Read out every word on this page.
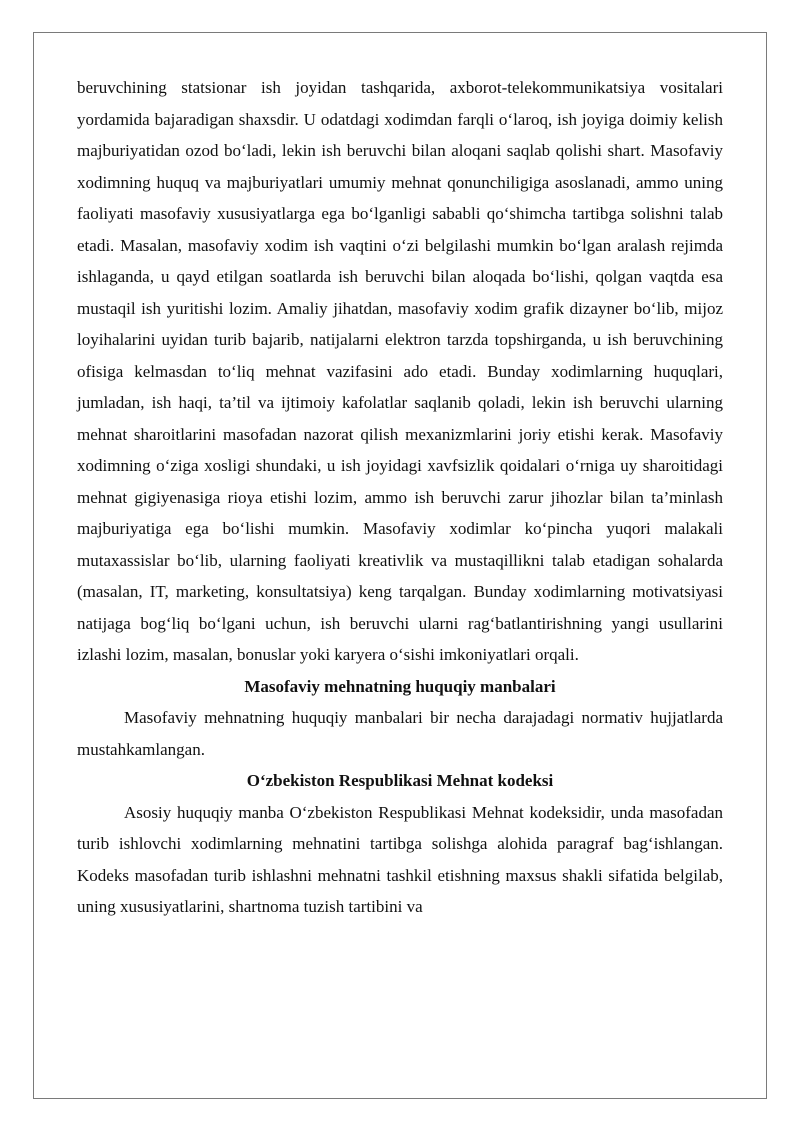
beruvchining statsionar ish joyidan tashqarida, axborot-telekommunikatsiya vositalari yordamida bajaradigan shaxsdir. U odatdagi xodimdan farqli o‘laroq, ish joyiga doimiy kelish majburiyatidan ozod bo‘ladi, lekin ish beruvchi bilan aloqani saqlab qolishi shart. Masofaviy xodimning huquq va majburiyatlari umumiy mehnat qonunchiligiga asoslanadi, ammo uning faoliyati masofaviy xususiyatlarga ega bo‘lganligi sababli qo‘shimcha tartibga solishni talab etadi. Masalan, masofaviy xodim ish vaqtini o‘zi belgilashi mumkin bo‘lgan aralash rejimda ishlaganda, u qayd etilgan soatlarda ish beruvchi bilan aloqada bo‘lishi, qolgan vaqtda esa mustaqil ish yuritishi lozim. Amaliy jihatdan, masofaviy xodim grafik dizayner bo‘lib, mijoz loyihalarini uyidan turib bajarib, natijalarni elektron tarzda topshirganda, u ish beruvchining ofisiga kelmasdan to‘liq mehnat vazifasini ado etadi. Bunday xodimlarning huquqlari, jumladan, ish haqi, ta’til va ijtimoiy kafolatlar saqlanib qoladi, lekin ish beruvchi ularning mehnat sharoitlarini masofadan nazorat qilish mexanizmlarini joriy etishi kerak. Masofaviy xodimning o‘ziga xosligi shundaki, u ish joyidagi xavfsizlik qoidalari o‘rniga uy sharoitidagi mehnat gigiyenasiga rioya etishi lozim, ammo ish beruvchi zarur jihozlar bilan ta’minlash majburiyatiga ega bo‘lishi mumkin. Masofaviy xodimlar ko‘pincha yuqori malakali mutaxassislar bo‘lib, ularning faoliyati kreativlik va mustaqillikni talab etadigan sohalarda (masalan, IT, marketing, konsultatsiya) keng tarqalgan. Bunday xodimlarning motivatsiyasi natijaga bog‘liq bo‘lgani uchun, ish beruvchi ularni rag‘batlantirishning yangi usullarini izlashi lozim, masalan, bonuslar yoki karyera o‘sishi imkoniyatlari orqali.

Masofaviy mehnatning huquqiy manbalari

Masofaviy mehnatning huquqiy manbalari bir necha darajadagi normativ hujjatlarda mustahkamlangan.

O‘zbekiston Respublikasi Mehnat kodeksi

Asosiy huquqiy manba O‘zbekiston Respublikasi Mehnat kodeksidir, unda masofadan turib ishlovchi xodimlarning mehnatini tartibga solishga alohida paragraf bag‘ishlangan. Kodeks masofadan turib ishlashni mehnatni tashkil etishning maxsus shakli sifatida belgilab, uning xususiyatlarini, shartnoma tuzish tartibini va
